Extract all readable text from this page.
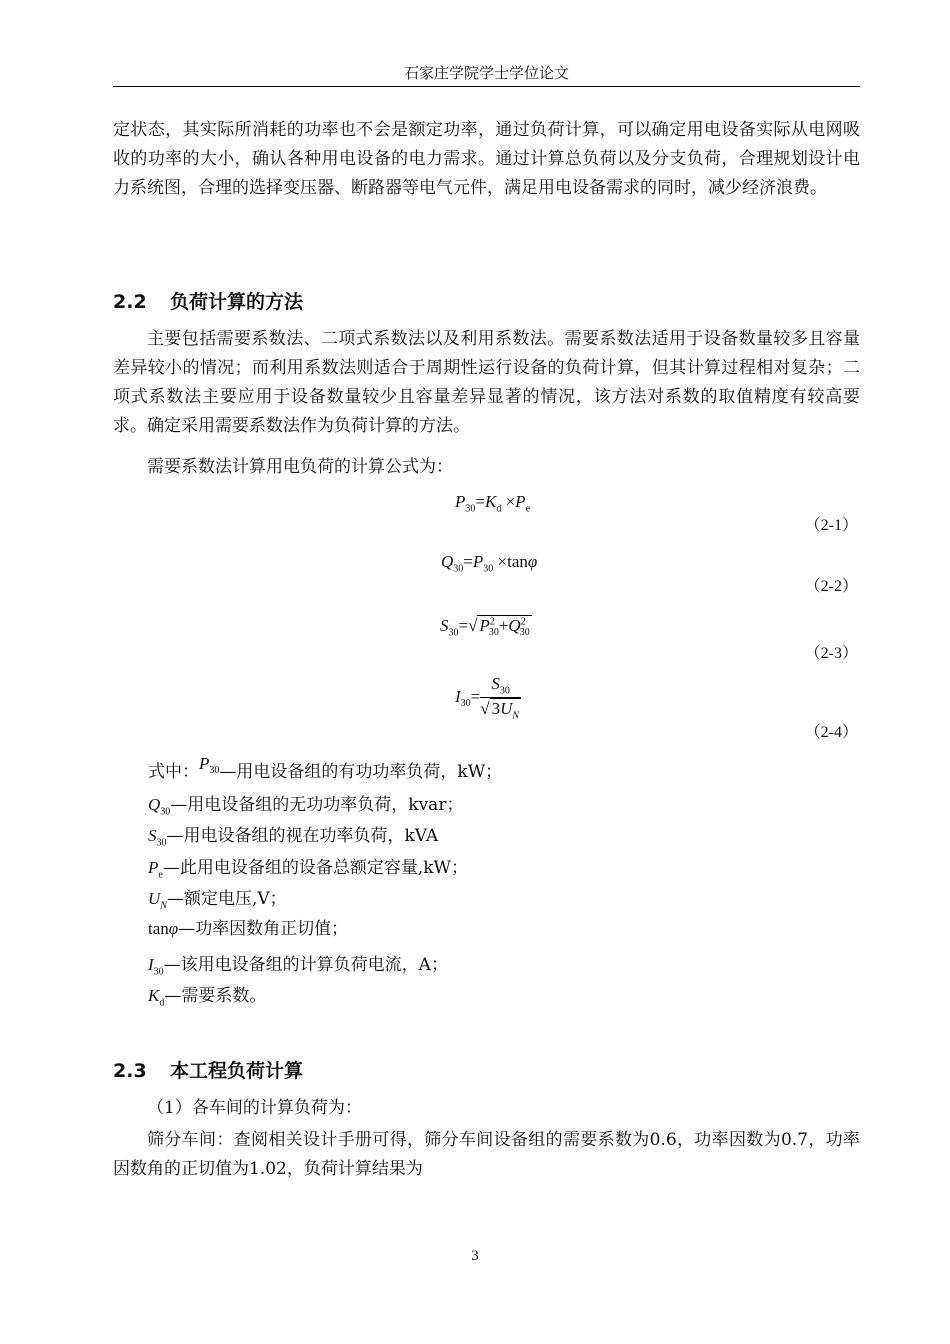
石家庄学院学士学位论文

定状态，其实际所消耗的功率也不会是额定功率，通过负荷计算，可以确定用电设备实际从电网吸收的功率的大小，确认各种用电设备的电力需求。通过计算总负荷以及分支负荷，合理规划设计电力系统图，合理的选择变压器、断路器等电气元件，满足用电设备需求的同时，减少经济浪费。

2.2 负荷计算的方法

主要包括需要系数法、二项式系数法以及利用系数法。需要系数法适用于设备数量较多且容量差异较小的情况；而利用系数法则适合于周期性运行设备的负荷计算，但其计算过程相对复杂；二项式系数法主要应用于设备数量较少且容量差异显著的情况，该方法对系数的取值精度有较高要求。确定采用需要系数法作为负荷计算的方法。

需要系数法计算用电负荷的计算公式为：

$P_{30}=K_d \times P_e$
（2-1）
$Q_{30}=P_{30} \times\tan\varphi$
（2-2）
$S_{30}=√$ $P^2_{30}+Q^2_{30}$
（2-3）
$I_{30}= \frac{S_{30}}{√ 3U_N}$
（2-4）
式中：$P_{30}—$用电设备组的有功功率负荷，kW；
$Q_{30}—$用电设备组的无功功率负荷，kvar；
$S_{30}—$用电设备组的视在功率负荷，kVA
$P_e—$此用电设备组的设备总额定容量,kW；
$U_N—$额定电压,V；
tanφ—功率因数角正切值；
$I_{30}—$该用电设备组的计算负荷电流，A；
$K_d—$需要系数。
2.3 本工程负荷计算

（1）各车间的计算负荷为：

筛分车间：查阅相关设计手册可得，筛分车间设备组的需要系数为0.6，功率因数为0.7，功率因数角的正切值为1.02，负荷计算结果为

3
